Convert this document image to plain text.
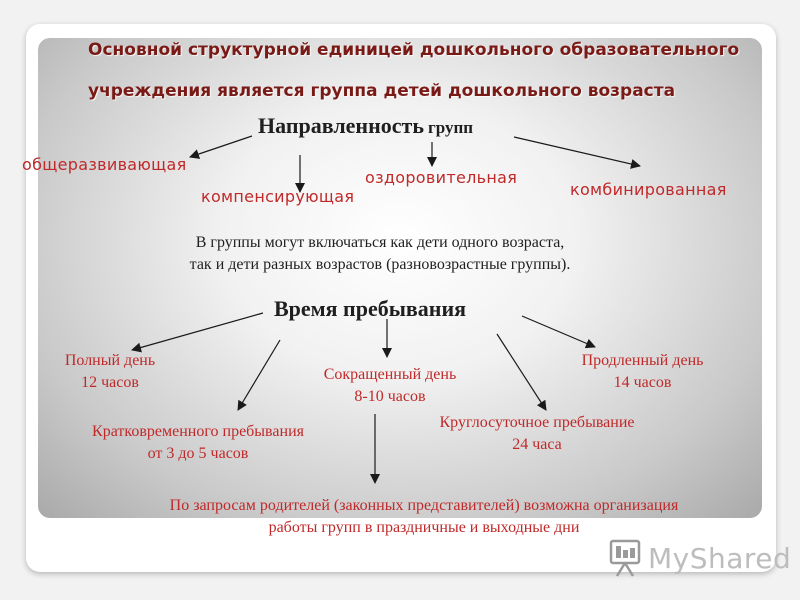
Основной структурной единицей дошкольного образовательного
учреждения является группа детей дошкольного возраста
Направленность групп
общеразвивающая
компенсирующая
оздоровительная
комбинированная
В группы могут включаться как дети одного возраста,
так и дети разных возрастов (разновозрастные группы).
Время пребывания
Полный день
12 часов
Кратковременного пребывания
от 3 до 5 часов
Сокращенный день
8-10 часов
Круглосуточное пребывание
24 часа
Продленный день
14 часов
По запросам родителей (законных представителей) возможна организация
работы групп в праздничные и выходные дни
MyShared
